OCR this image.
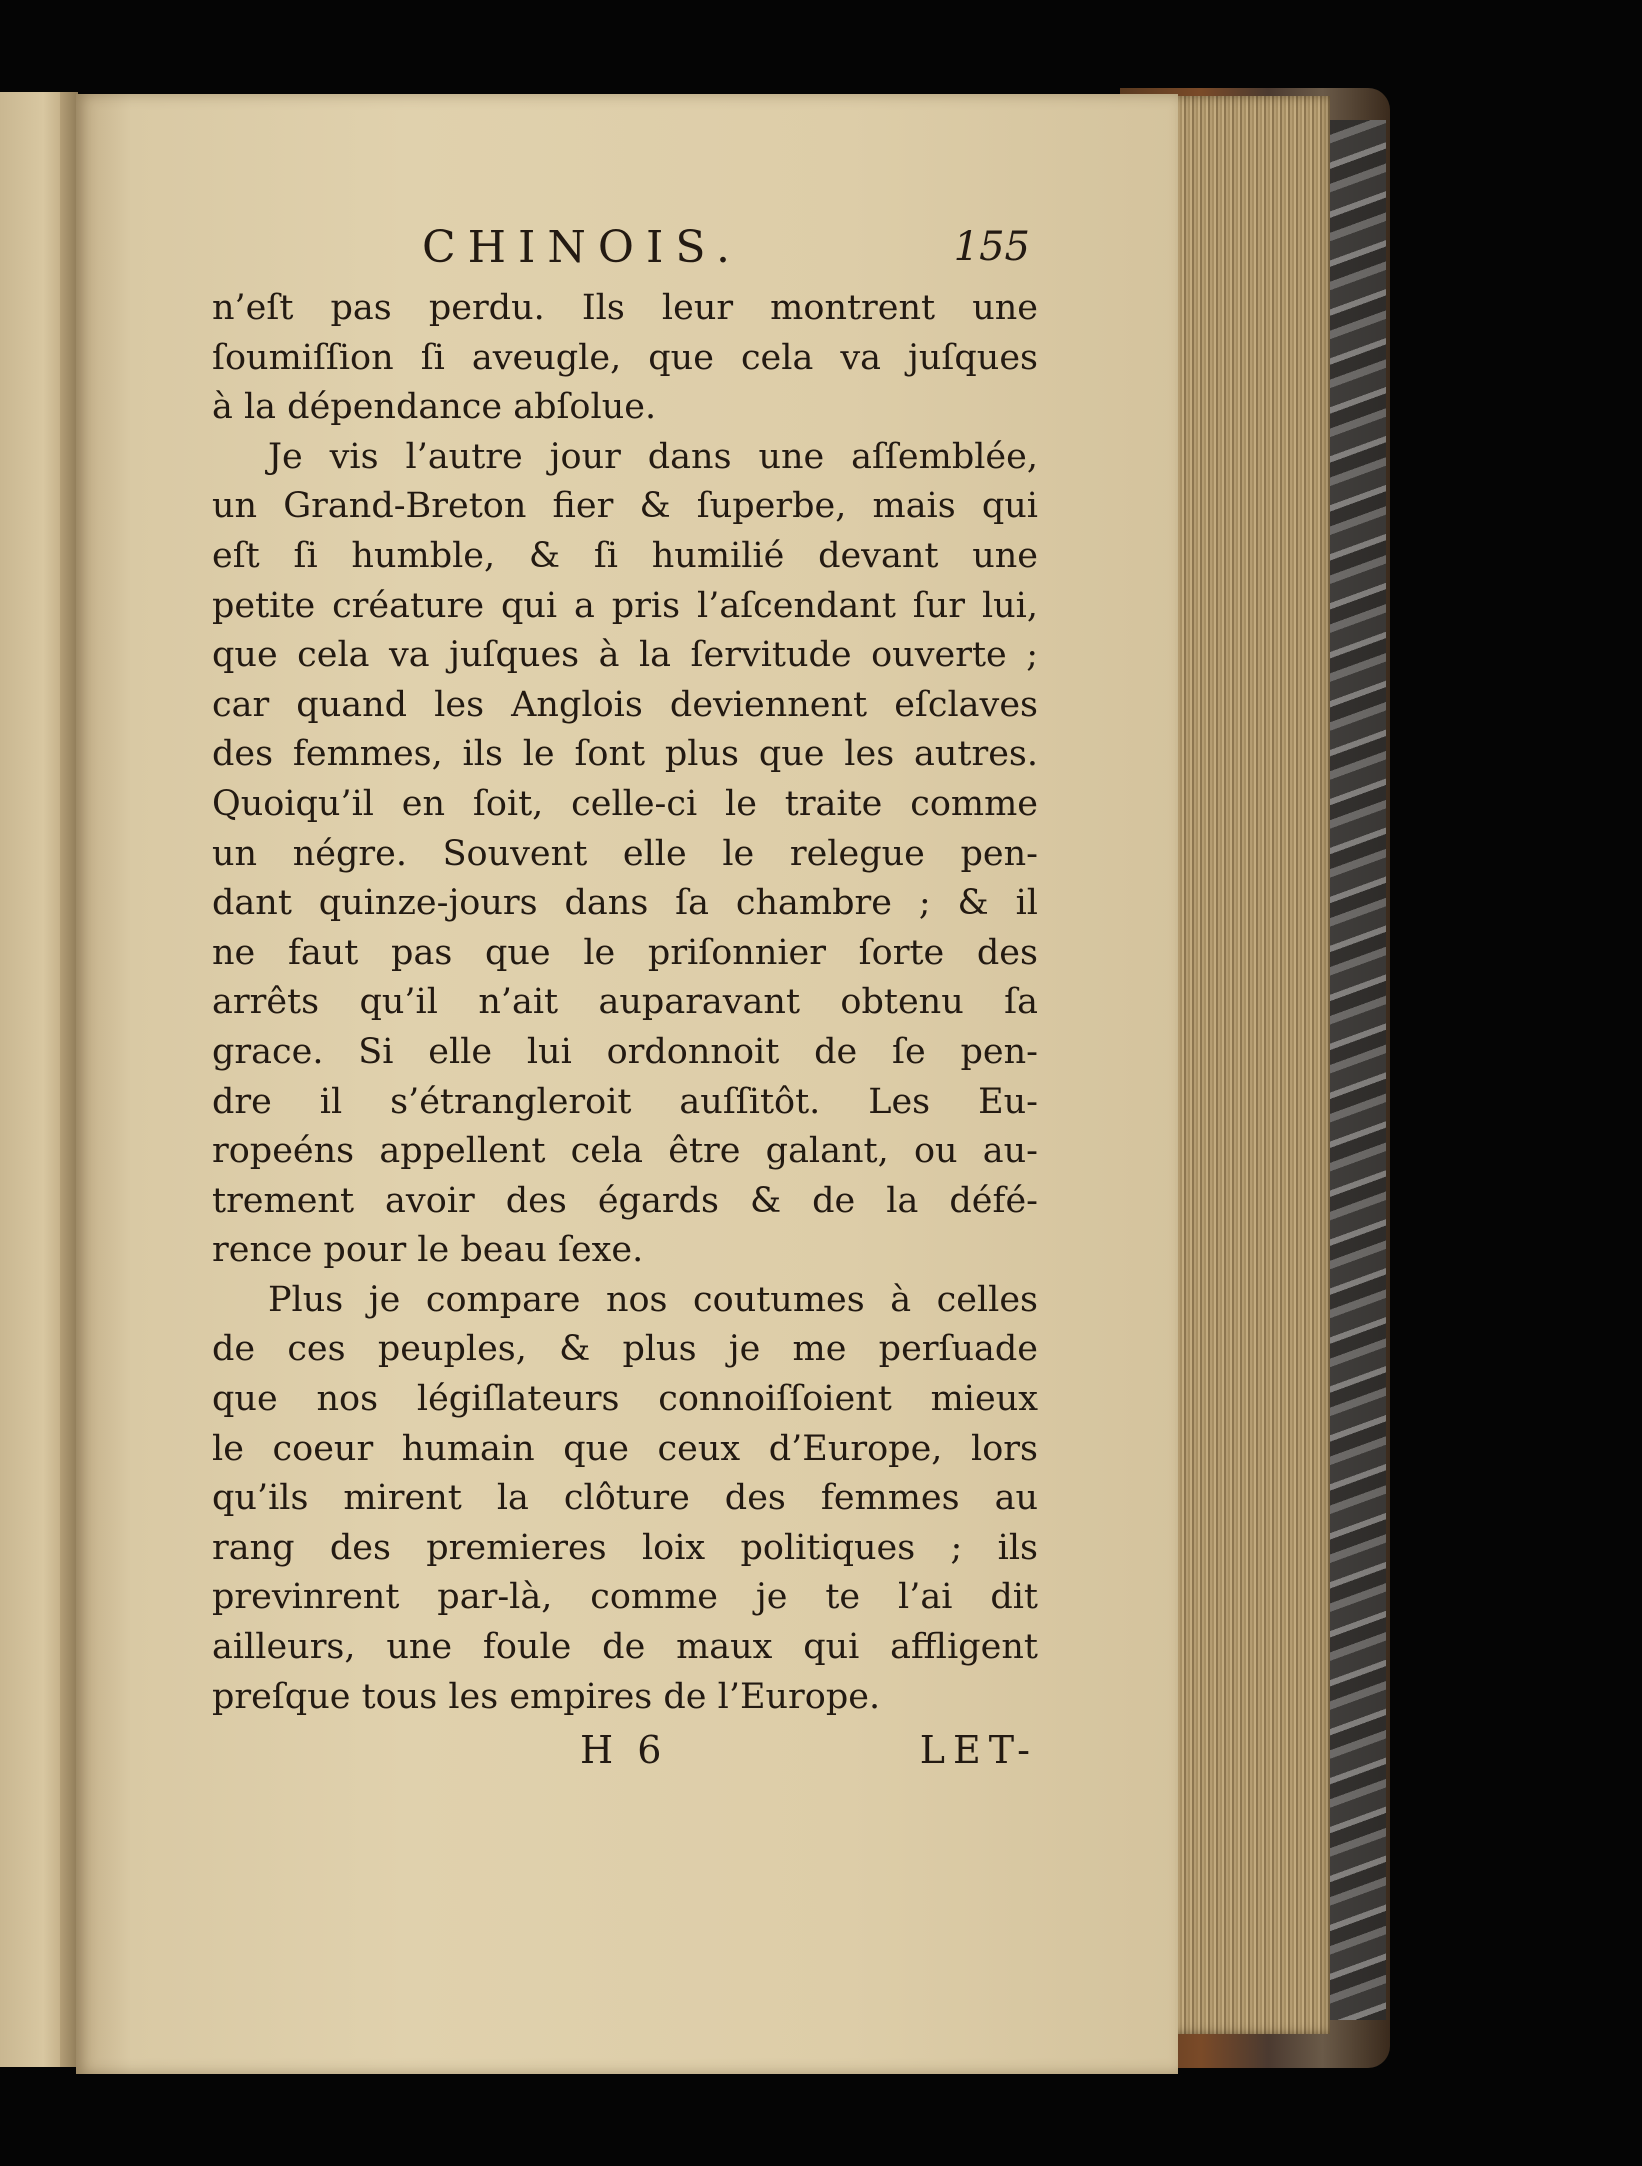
CHINOIS.	155
n’eſt pas perdu. Ils leur montrent une
ſoumiſſion ſi aveugle, que cela va juſques
à la dépendance abſolue.
Je vis l’autre jour dans une aſſemblée,
un Grand-Breton fier & ſuperbe, mais qui
eſt ſi humble, & ſi humilié devant une
petite créature qui a pris l’aſcendant ſur lui,
que cela va juſques à la ſervitude ouverte ;
car quand les Anglois deviennent eſclaves
des femmes, ils le ſont plus que les autres.
Quoiqu’il en ſoit, celle-ci le traite comme
un négre. Souvent elle le relegue pen-
dant quinze-jours dans ſa chambre ; & il
ne faut pas que le priſonnier ſorte des
arrêts qu’il n’ait auparavant obtenu ſa
grace. Si elle lui ordonnoit de ſe pen-
dre il s’étrangleroit auſſitôt. Les Eu-
ropeéns appellent cela être galant, ou au-
trement avoir des égards & de la défé-
rence pour le beau ſexe.
Plus je compare nos coutumes à celles
de ces peuples, & plus je me perſuade
que nos légiſlateurs connoiſſoient mieux
le coeur humain que ceux d’Europe, lors
qu’ils mirent la clôture des femmes au
rang des premieres loix politiques ; ils
previnrent par-là, comme je te l’ai dit
ailleurs, une foule de maux qui affligent
preſque tous les empires de l’Europe.
H 6	LET-
